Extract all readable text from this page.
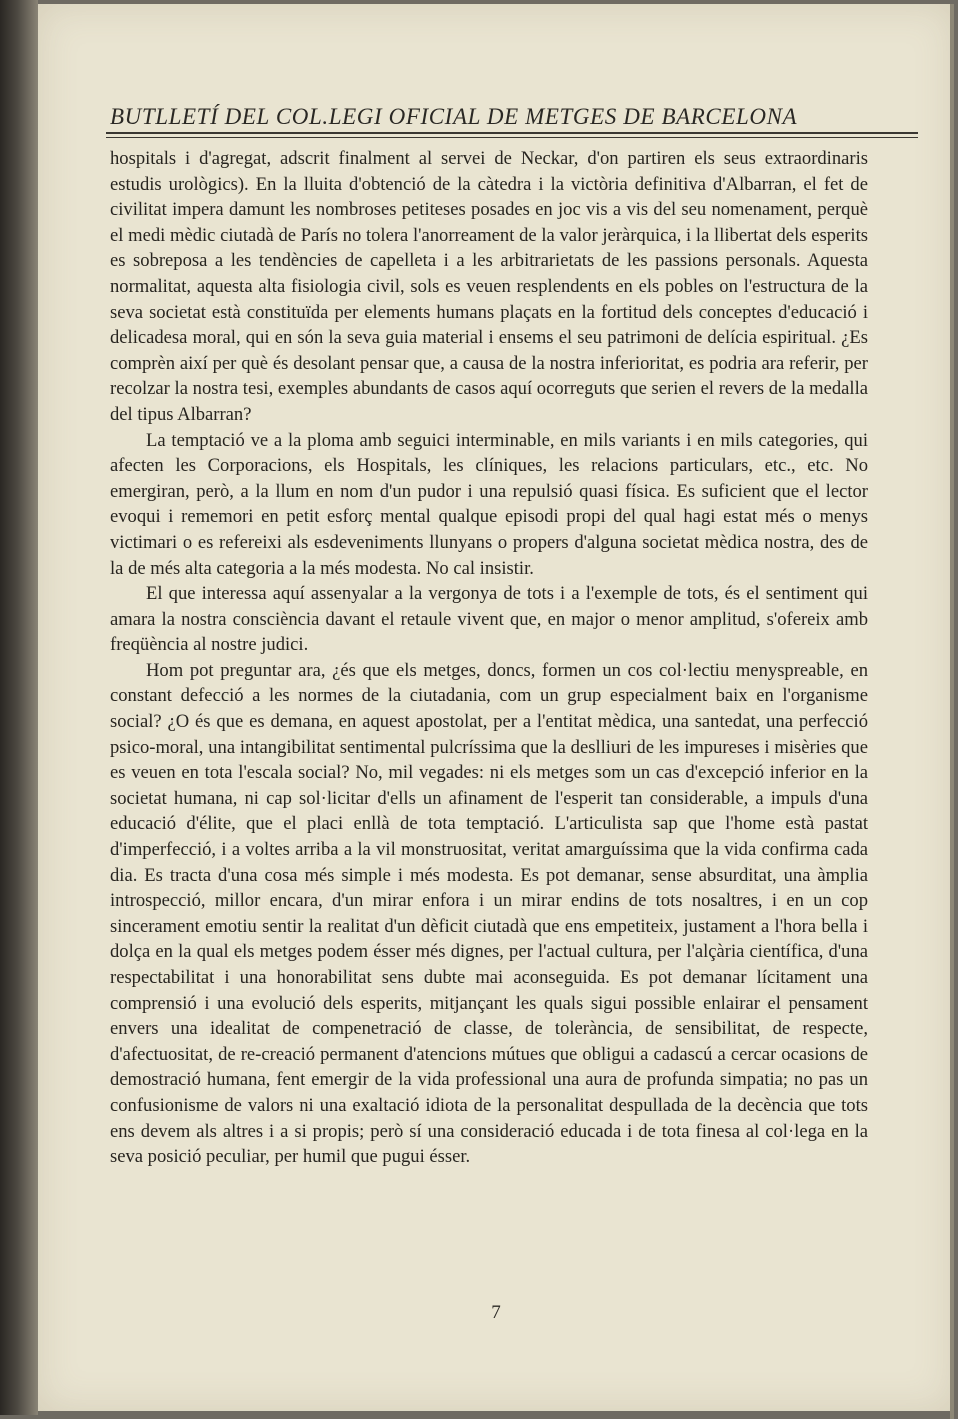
BUTLLETÍ DEL COL.LEGI OFICIAL DE METGES DE BARCELONA

hospitals i d'agregat, adscrit finalment al servei de Neckar, d'on partiren els seus extraordinaris estudis urològics). En la lluita d'obtenció de la càtedra i la victòria definitiva d'Albarran, el fet de civilitat impera damunt les nombroses petiteses posades en joc vis a vis del seu nomenament, perquè el medi mèdic ciutadà de París no tolera l'anorreament de la valor jeràrquica, i la llibertat dels esperits es sobreposa a les tendències de capelleta i a les arbitrarietats de les passions personals. Aquesta normalitat, aquesta alta fisiologia civil, sols es veuen resplendents en els pobles on l'estructura de la seva societat està constituïda per elements humans plaçats en la fortitud dels conceptes d'educació i delicadesa moral, qui en són la seva guia material i ensems el seu patrimoni de delícia espiritual. ¿Es comprèn així per què és desolant pensar que, a causa de la nostra inferioritat, es podria ara referir, per recolzar la nostra tesi, exemples abundants de casos aquí ocorreguts que serien el revers de la medalla del tipus Albarran?

La temptació ve a la ploma amb seguici interminable, en mils variants i en mils categories, qui afecten les Corporacions, els Hospitals, les clíniques, les relacions particulars, etc., etc. No emergiran, però, a la llum en nom d'un pudor i una repulsió quasi física. Es suficient que el lector evoqui i rememori en petit esforç mental qualque episodi propi del qual hagi estat més o menys victimari o es refereixi als esdeveniments llunyans o propers d'alguna societat mèdica nostra, des de la de més alta categoria a la més modesta. No cal insistir.

El que interessa aquí assenyalar a la vergonya de tots i a l'exemple de tots, és el sentiment qui amara la nostra consciència davant el retaule vivent que, en major o menor amplitud, s'ofereix amb freqüència al nostre judici.

Hom pot preguntar ara, ¿és que els metges, doncs, formen un cos col·lectiu menyspreable, en constant defecció a les normes de la ciutadania, com un grup especialment baix en l'organisme social? ¿O és que es demana, en aquest apostolat, per a l'entitat mèdica, una santedat, una perfecció psico-moral, una intangibilitat sentimental pulcríssima que la deslliuri de les impureses i misèries que es veuen en tota l'escala social? No, mil vegades: ni els metges som un cas d'excepció inferior en la societat humana, ni cap sol·licitar d'ells un afinament de l'esperit tan considerable, a impuls d'una educació d'élite, que el placi enllà de tota temptació. L'articulista sap que l'home està pastat d'imperfecció, i a voltes arriba a la vil monstruositat, veritat amarguíssima que la vida confirma cada dia. Es tracta d'una cosa més simple i més modesta. Es pot demanar, sense absurditat, una àmplia introspecció, millor encara, d'un mirar enfora i un mirar endins de tots nosaltres, i en un cop sincerament emotiu sentir la realitat d'un dèficit ciutadà que ens empetiteix, justament a l'hora bella i dolça en la qual els metges podem ésser més dignes, per l'actual cultura, per l'alçària científica, d'una respectabilitat i una honorabilitat sens dubte mai aconseguida. Es pot demanar lícitament una comprensió i una evolució dels esperits, mitjançant les quals sigui possible enlairar el pensament envers una idealitat de compenetració de classe, de tolerància, de sensibilitat, de respecte, d'afectuositat, de re-creació permanent d'atencions mútues que obligui a cadascú a cercar ocasions de demostració humana, fent emergir de la vida professional una aura de profunda simpatia; no pas un confusionisme de valors ni una exaltació idiota de la personalitat despullada de la decència que tots ens devem als altres i a si propis; però sí una consideració educada i de tota finesa al col·lega en la seva posició peculiar, per humil que pugui ésser.

7
